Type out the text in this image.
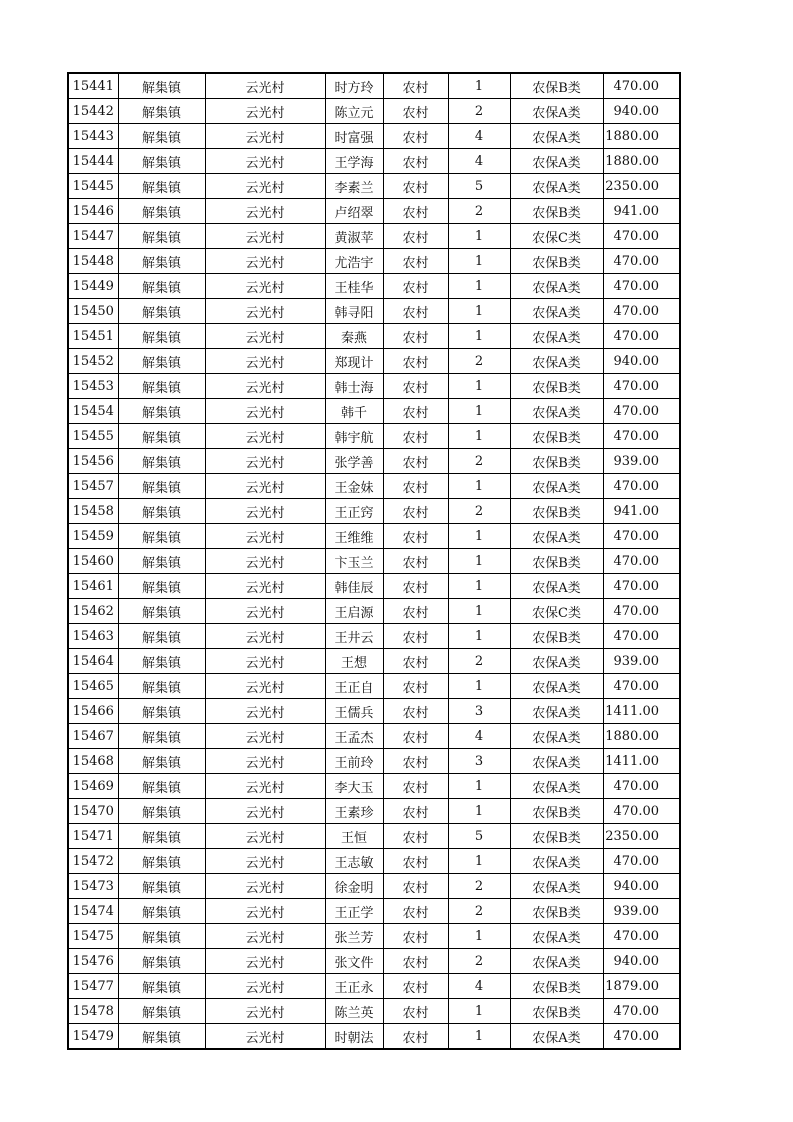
15441	解集镇	云光村	时方玲	农村	1	农保B类	470.00
15442	解集镇	云光村	陈立元	农村	2	农保A类	940.00
15443	解集镇	云光村	时富强	农村	4	农保A类	1880.00
15444	解集镇	云光村	王学海	农村	4	农保A类	1880.00
15445	解集镇	云光村	李素兰	农村	5	农保A类	2350.00
15446	解集镇	云光村	卢绍翠	农村	2	农保B类	941.00
15447	解集镇	云光村	黄淑苹	农村	1	农保C类	470.00
15448	解集镇	云光村	尤浩宇	农村	1	农保B类	470.00
15449	解集镇	云光村	王桂华	农村	1	农保A类	470.00
15450	解集镇	云光村	韩寻阳	农村	1	农保A类	470.00
15451	解集镇	云光村	秦燕	农村	1	农保A类	470.00
15452	解集镇	云光村	郑现计	农村	2	农保A类	940.00
15453	解集镇	云光村	韩士海	农村	1	农保B类	470.00
15454	解集镇	云光村	韩千	农村	1	农保A类	470.00
15455	解集镇	云光村	韩宇航	农村	1	农保B类	470.00
15456	解集镇	云光村	张学善	农村	2	农保B类	939.00
15457	解集镇	云光村	王金妹	农村	1	农保A类	470.00
15458	解集镇	云光村	王正窍	农村	2	农保B类	941.00
15459	解集镇	云光村	王维维	农村	1	农保A类	470.00
15460	解集镇	云光村	卞玉兰	农村	1	农保B类	470.00
15461	解集镇	云光村	韩佳辰	农村	1	农保A类	470.00
15462	解集镇	云光村	王启源	农村	1	农保C类	470.00
15463	解集镇	云光村	王井云	农村	1	农保B类	470.00
15464	解集镇	云光村	王想	农村	2	农保A类	939.00
15465	解集镇	云光村	王正自	农村	1	农保A类	470.00
15466	解集镇	云光村	王儒兵	农村	3	农保A类	1411.00
15467	解集镇	云光村	王孟杰	农村	4	农保A类	1880.00
15468	解集镇	云光村	王前玲	农村	3	农保A类	1411.00
15469	解集镇	云光村	李大玉	农村	1	农保A类	470.00
15470	解集镇	云光村	王素珍	农村	1	农保B类	470.00
15471	解集镇	云光村	王恒	农村	5	农保B类	2350.00
15472	解集镇	云光村	王志敏	农村	1	农保A类	470.00
15473	解集镇	云光村	徐金明	农村	2	农保A类	940.00
15474	解集镇	云光村	王正学	农村	2	农保B类	939.00
15475	解集镇	云光村	张兰芳	农村	1	农保A类	470.00
15476	解集镇	云光村	张文件	农村	2	农保A类	940.00
15477	解集镇	云光村	王正永	农村	4	农保B类	1879.00
15478	解集镇	云光村	陈兰英	农村	1	农保B类	470.00
15479	解集镇	云光村	时朝法	农村	1	农保A类	470.00
